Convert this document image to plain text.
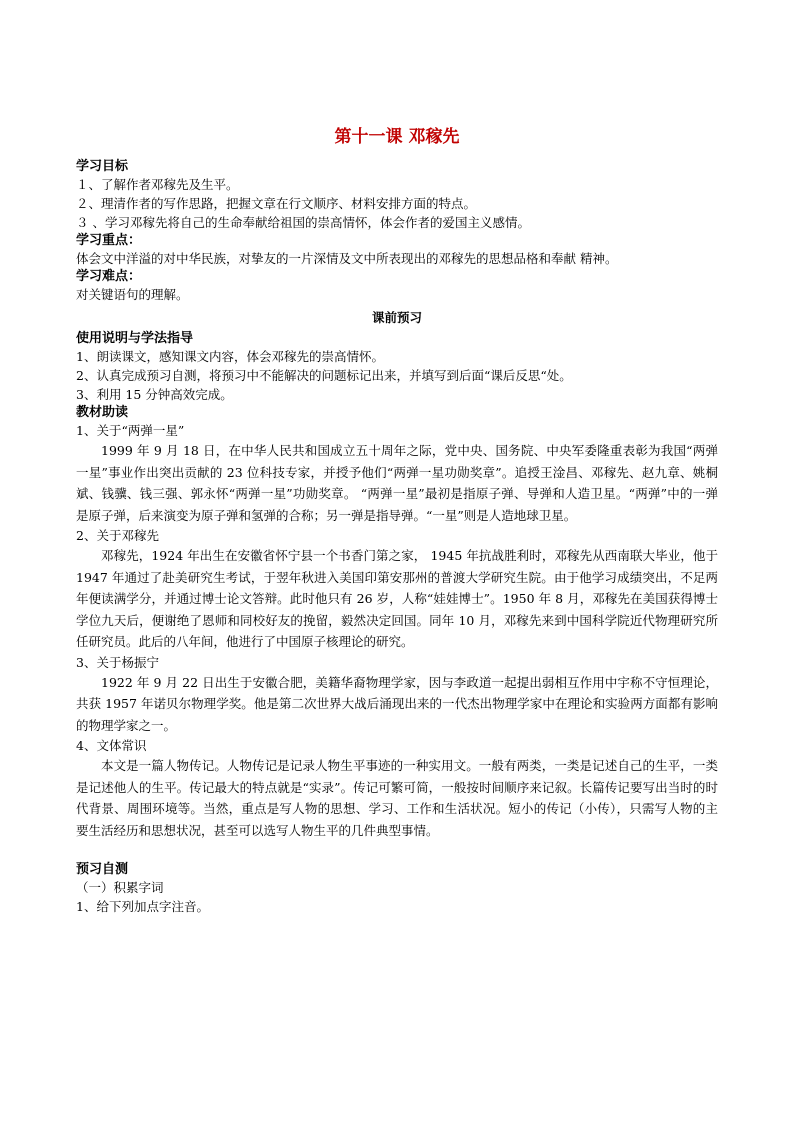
第十一课 邓稼先
学习目标
１、了解作者邓稼先及生平。
２、理清作者的写作思路，把握文章在行文顺序、材料安排方面的特点。
３ 、学习邓稼先将自己的生命奉献给祖国的崇高情怀，体会作者的爱国主义感情。
学习重点：
体会文中洋溢的对中华民族，对挚友的一片深情及文中所表现出的邓稼先的思想品格和奉献 精神。
学习难点：
对关键语句的理解。
课前预习
使用说明与学法指导
1、朗读课文，感知课文内容，体会邓稼先的崇高情怀。
2、认真完成预习自测，将预习中不能解决的问题标记出来，并填写到后面“课后反思“处。
3、利用 15 分钟高效完成。
教材助读
1、关于“两弹一星”
1999 年 9 月 18 日，在中华人民共和国成立五十周年之际，党中央、国务院、中央军委隆重表彰为我国“两弹一星”事业作出突出贡献的 23 位科技专家，并授予他们“两弹一星功勋奖章”。追授王淦昌、邓稼先、赵九章、姚桐斌、钱骥、钱三强、郭永怀“两弹一星”功勋奖章。 “两弹一星”最初是指原子弹、导弹和人造卫星。“两弹”中的一弹是原子弹，后来演变为原子弹和氢弹的合称；另一弹是指导弹。“一星”则是人造地球卫星。
2、关于邓稼先
邓稼先，1924 年出生在安徽省怀宁县一个书香门第之家， 1945 年抗战胜利时，邓稼先从西南联大毕业，他于 1947 年通过了赴美研究生考试，于翌年秋进入美国印第安那州的普渡大学研究生院。由于他学习成绩突出，不足两年便读满学分，并通过博士论文答辩。此时他只有 26 岁，人称“娃娃博士”。1950 年 8 月，邓稼先在美国获得博士学位九天后，便谢绝了恩师和同校好友的挽留，毅然决定回国。同年 10 月，邓稼先来到中国科学院近代物理研究所任研究员。此后的八年间，他进行了中国原子核理论的研究。
3、关于杨振宁
1922 年 9 月 22 日出生于安徽合肥，美籍华裔物理学家，因与李政道一起提出弱相互作用中宇称不守恒理论，共获 1957 年诺贝尔物理学奖。他是第二次世界大战后涌现出来的一代杰出物理学家中在理论和实验两方面都有影响的物理学家之一。
4、文体常识
本文是一篇人物传记。人物传记是记录人物生平事迹的一种实用文。一般有两类，一类是记述自己的生平，一类是记述他人的生平。传记最大的特点就是“实录”。传记可繁可简，一般按时间顺序来记叙。长篇传记要写出当时的时代背景、周围环境等。当然，重点是写人物的思想、学习、工作和生活状况。短小的传记（小传），只需写人物的主要生活经历和思想状况，甚至可以选写人物生平的几件典型事情。
预习自测
（一）积累字词
1、给下列加点字注音。
